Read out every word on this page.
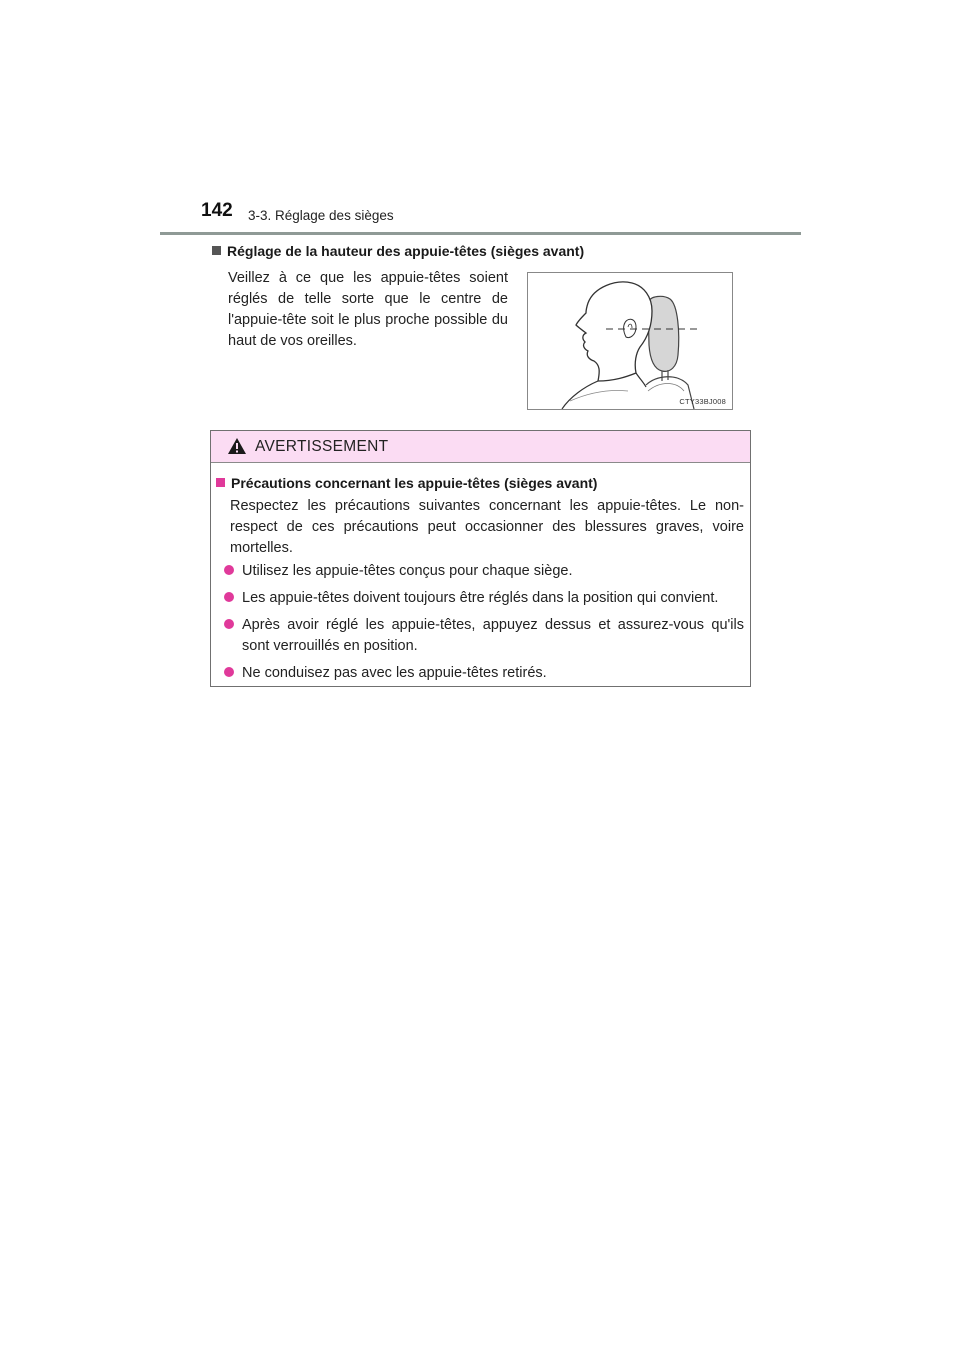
142 3-3. Réglage des sièges
Réglage de la hauteur des appuie-têtes (sièges avant)

Veillez à ce que les appuie-têtes soient réglés de telle sorte que le centre de l'appuie-tête soit le plus proche possible du haut de vos oreilles.

CTY33BJ008
AVERTISSEMENT
Précautions concernant les appuie-têtes (sièges avant)

Respectez les précautions suivantes concernant les appuie-têtes. Le non-respect de ces précautions peut occasionner des blessures graves, voire mortelles.

Utilisez les appuie-têtes conçus pour chaque siège.
Les appuie-têtes doivent toujours être réglés dans la position qui convient.
Après avoir réglé les appuie-têtes, appuyez dessus et assurez-vous qu'ils sont verrouillés en position.
Ne conduisez pas avec les appuie-têtes retirés.
